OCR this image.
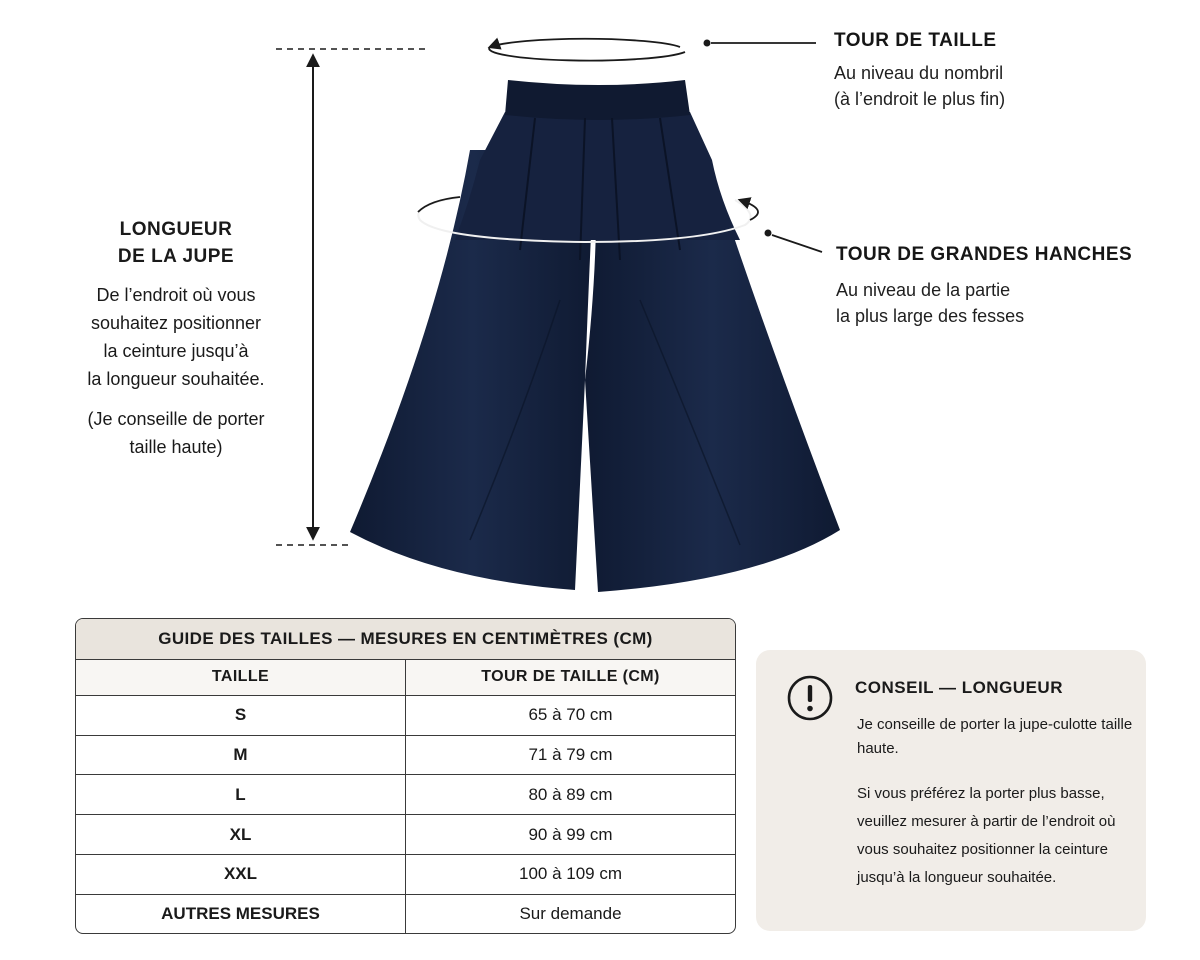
TOUR DE TAILLE
Au niveau du nombril
(à l’endroit le plus fin)
TOUR DE GRANDES HANCHES
Au niveau de la partie
la plus large des fesses
LONGUEUR
DE LA JUPE
De l’endroit où vous
souhaitez positionner
la ceinture jusqu’à
la longueur souhaitée.
(Je conseille de porter
taille haute)
GUIDE DES TAILLES — MESURES EN CENTIMÈTRES (CM)	
TAILLE	TOUR DE TAILLE (CM)
S	65 à 70 cm
M	71 à 79 cm
L	80 à 89 cm
XL	90 à 99 cm
XXL	100 à 109 cm
AUTRES MESURES	Sur demande
CONSEIL — LONGUEUR
Je conseille de porter la jupe-culotte taille haute.
Si vous préférez la porter plus basse, veuillez mesurer à partir de l’endroit où vous souhaitez positionner la ceinture jusqu’à la longueur souhaitée.
